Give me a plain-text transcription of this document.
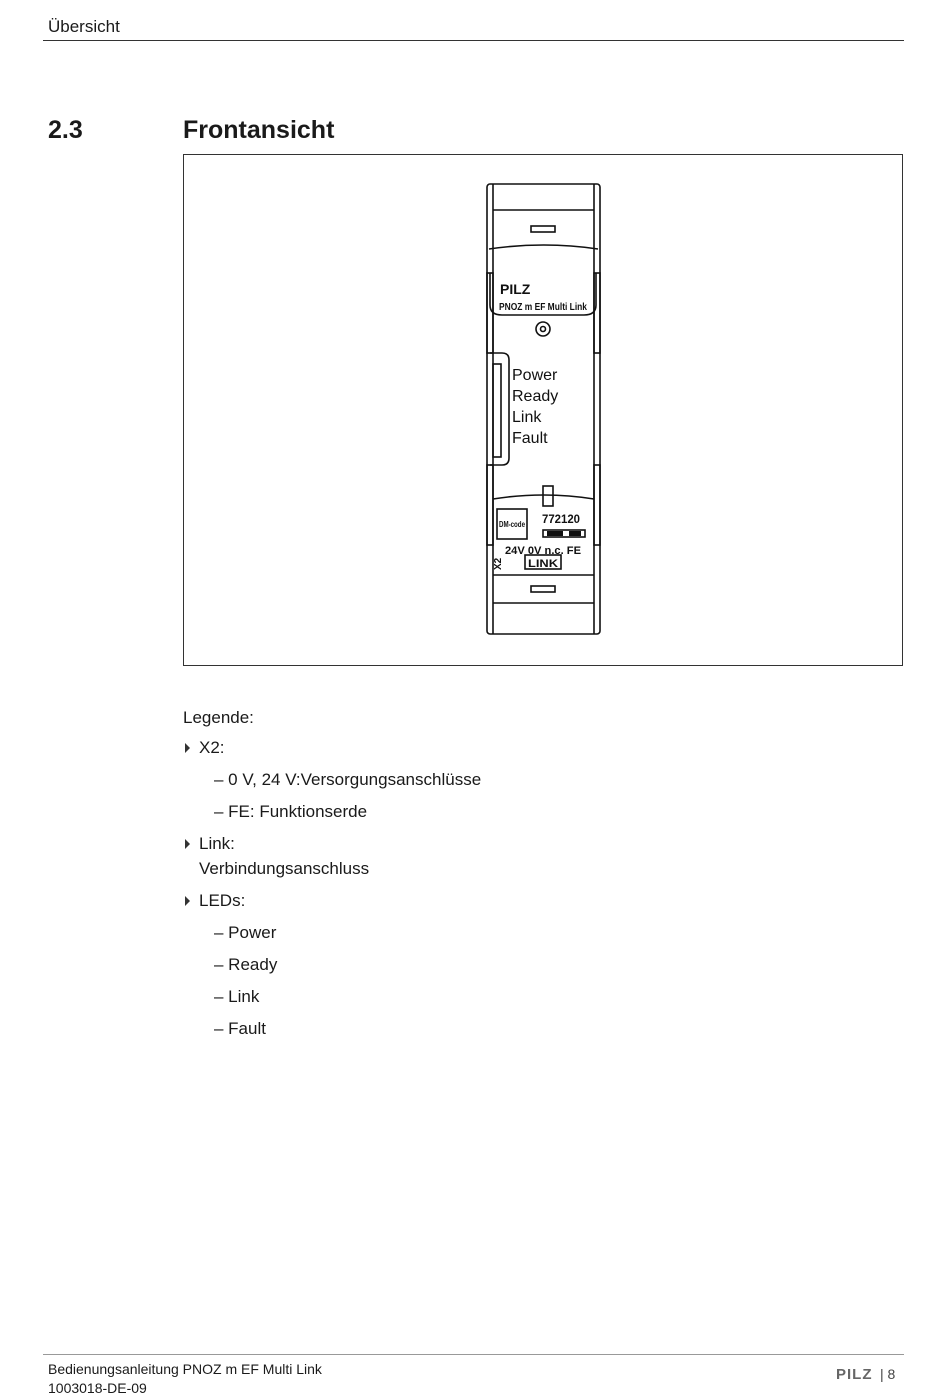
Übersicht
2.3	Frontansicht
PILZ
PNOZ m EF Multi Link
Power
Ready
Link
Fault
DM-code 772120
X2
24V 0V n.c. FE
LINK
Legende:
X2:
– 0 V, 24 V:Versorgungsanschlüsse
– FE: Funktionserde
Link:
Verbindungsanschluss
LEDs:
– Power
– Ready
– Link
– Fault
Bedienungsanleitung PNOZ m EF Multi Link
1003018-DE-09
PILZ | 8
